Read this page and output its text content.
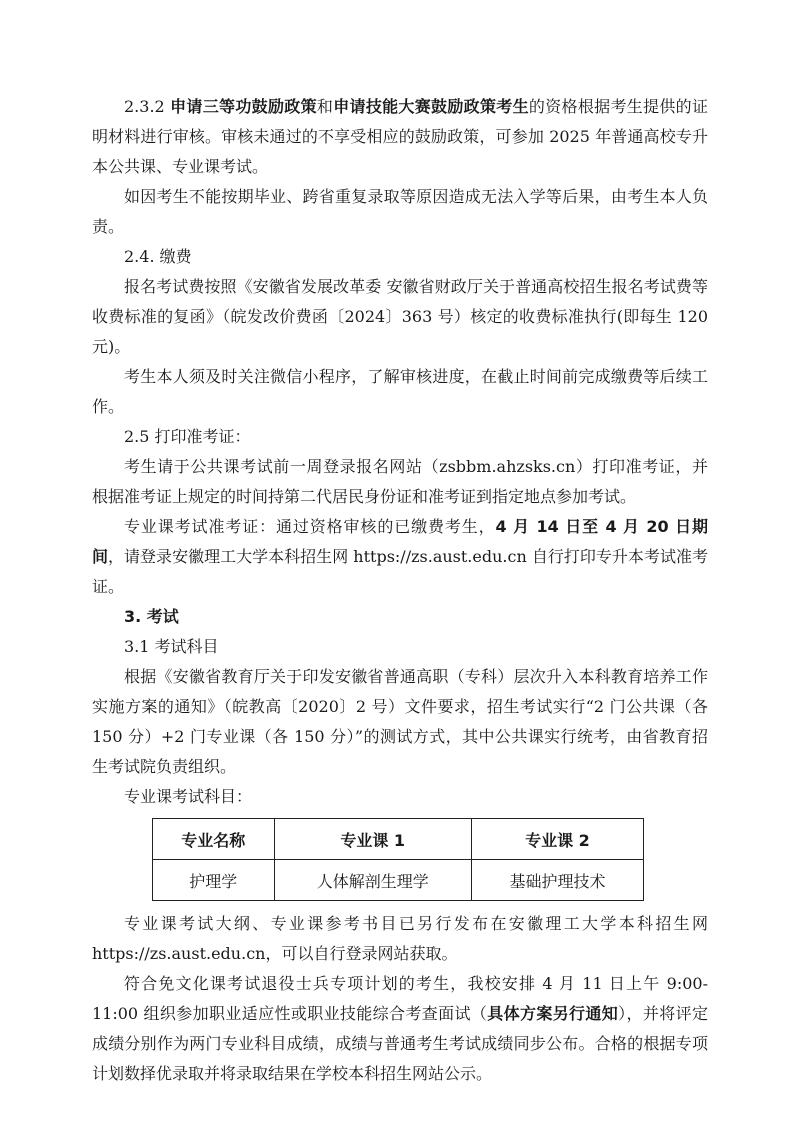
2.3.2 申请三等功鼓励政策和申请技能大赛鼓励政策考生的资格根据考生提供的证明材料进行审核。审核未通过的不享受相应的鼓励政策，可参加 2025 年普通高校专升本公共课、专业课考试。

如因考生不能按期毕业、跨省重复录取等原因造成无法入学等后果，由考生本人负责。

2.4. 缴费

报名考试费按照《安徽省发展改革委 安徽省财政厅关于普通高校招生报名考试费等收费标准的复函》（皖发改价费函〔2024〕363 号）核定的收费标准执行(即每生 120 元)。

考生本人须及时关注微信小程序，了解审核进度，在截止时间前完成缴费等后续工作。

2.5 打印准考证：

考生请于公共课考试前一周登录报名网站（zsbbm.ahzsks.cn）打印准考证，并根据准考证上规定的时间持第二代居民身份证和准考证到指定地点参加考试。

专业课考试准考证：通过资格审核的已缴费考生，4 月 14 日至 4 月 20 日期间，请登录安徽理工大学本科招生网 https://zs.aust.edu.cn 自行打印专升本考试准考证。

3. 考试

3.1 考试科目

根据《安徽省教育厅关于印发安徽省普通高职（专科）层次升入本科教育培养工作实施方案的通知》（皖教高〔2020〕2 号）文件要求，招生考试实行“2 门公共课（各 150 分）+2 门专业课（各 150 分）”的测试方式，其中公共课实行统考，由省教育招生考试院负责组织。

专业课考试科目：

专业名称	专业课 1	专业课 2
护理学	人体解剖生理学	基础护理技术

专业课考试大纲、专业课参考书目已另行发布在安徽理工大学本科招生网 https://zs.aust.edu.cn，可以自行登录网站获取。

符合免文化课考试退役士兵专项计划的考生，我校安排 4 月 11 日上午 9:00-11:00 组织参加职业适应性或职业技能综合考查面试（具体方案另行通知），并将评定成绩分别作为两门专业科目成绩，成绩与普通考生考试成绩同步公布。合格的根据专项计划数择优录取并将录取结果在学校本科招生网站公示。
